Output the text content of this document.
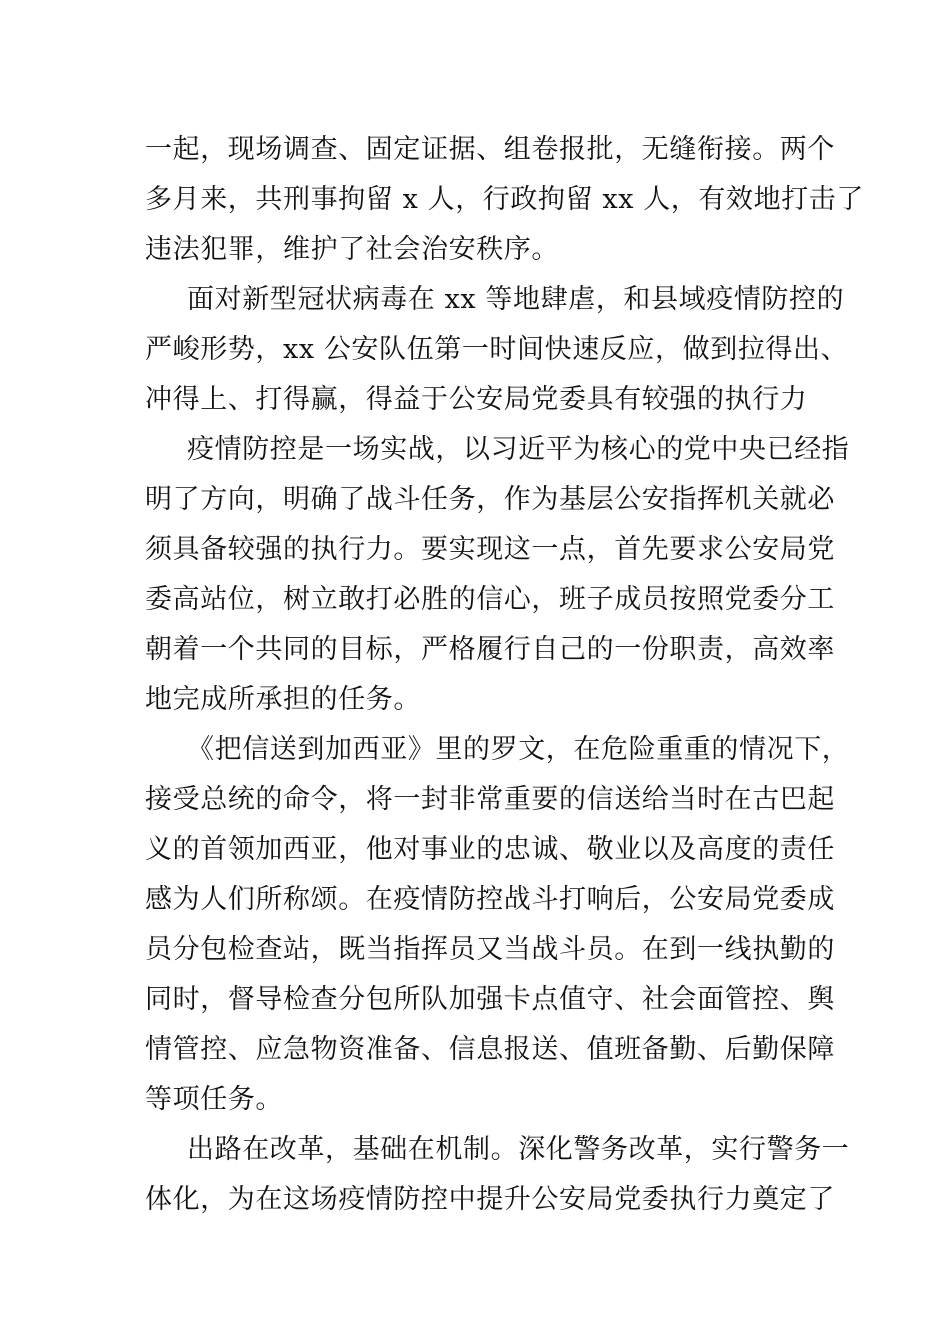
一起，现场调查、固定证据、组卷报批，无缝衔接。两个
多月来，共刑事拘留 x 人，行政拘留 xx 人，有效地打击了
违法犯罪，维护了社会治安秩序。
面对新型冠状病毒在 xx 等地肆虐，和县域疫情防控的
严峻形势，xx 公安队伍第一时间快速反应，做到拉得出、
冲得上、打得赢，得益于公安局党委具有较强的执行力
疫情防控是一场实战，以习近平为核心的党中央已经指
明了方向，明确了战斗任务，作为基层公安指挥机关就必
须具备较强的执行力。要实现这一点，首先要求公安局党
委高站位，树立敢打必胜的信心，班子成员按照党委分工
朝着一个共同的目标，严格履行自己的一份职责，高效率
地完成所承担的任务。
《把信送到加西亚》里的罗文，在危险重重的情况下，
接受总统的命令，将一封非常重要的信送给当时在古巴起
义的首领加西亚，他对事业的忠诚、敬业以及高度的责任
感为人们所称颂。在疫情防控战斗打响后，公安局党委成
员分包检查站，既当指挥员又当战斗员。在到一线执勤的
同时，督导检查分包所队加强卡点值守、社会面管控、舆
情管控、应急物资准备、信息报送、值班备勤、后勤保障
等项任务。
出路在改革，基础在机制。深化警务改革，实行警务一
体化，为在这场疫情防控中提升公安局党委执行力奠定了
